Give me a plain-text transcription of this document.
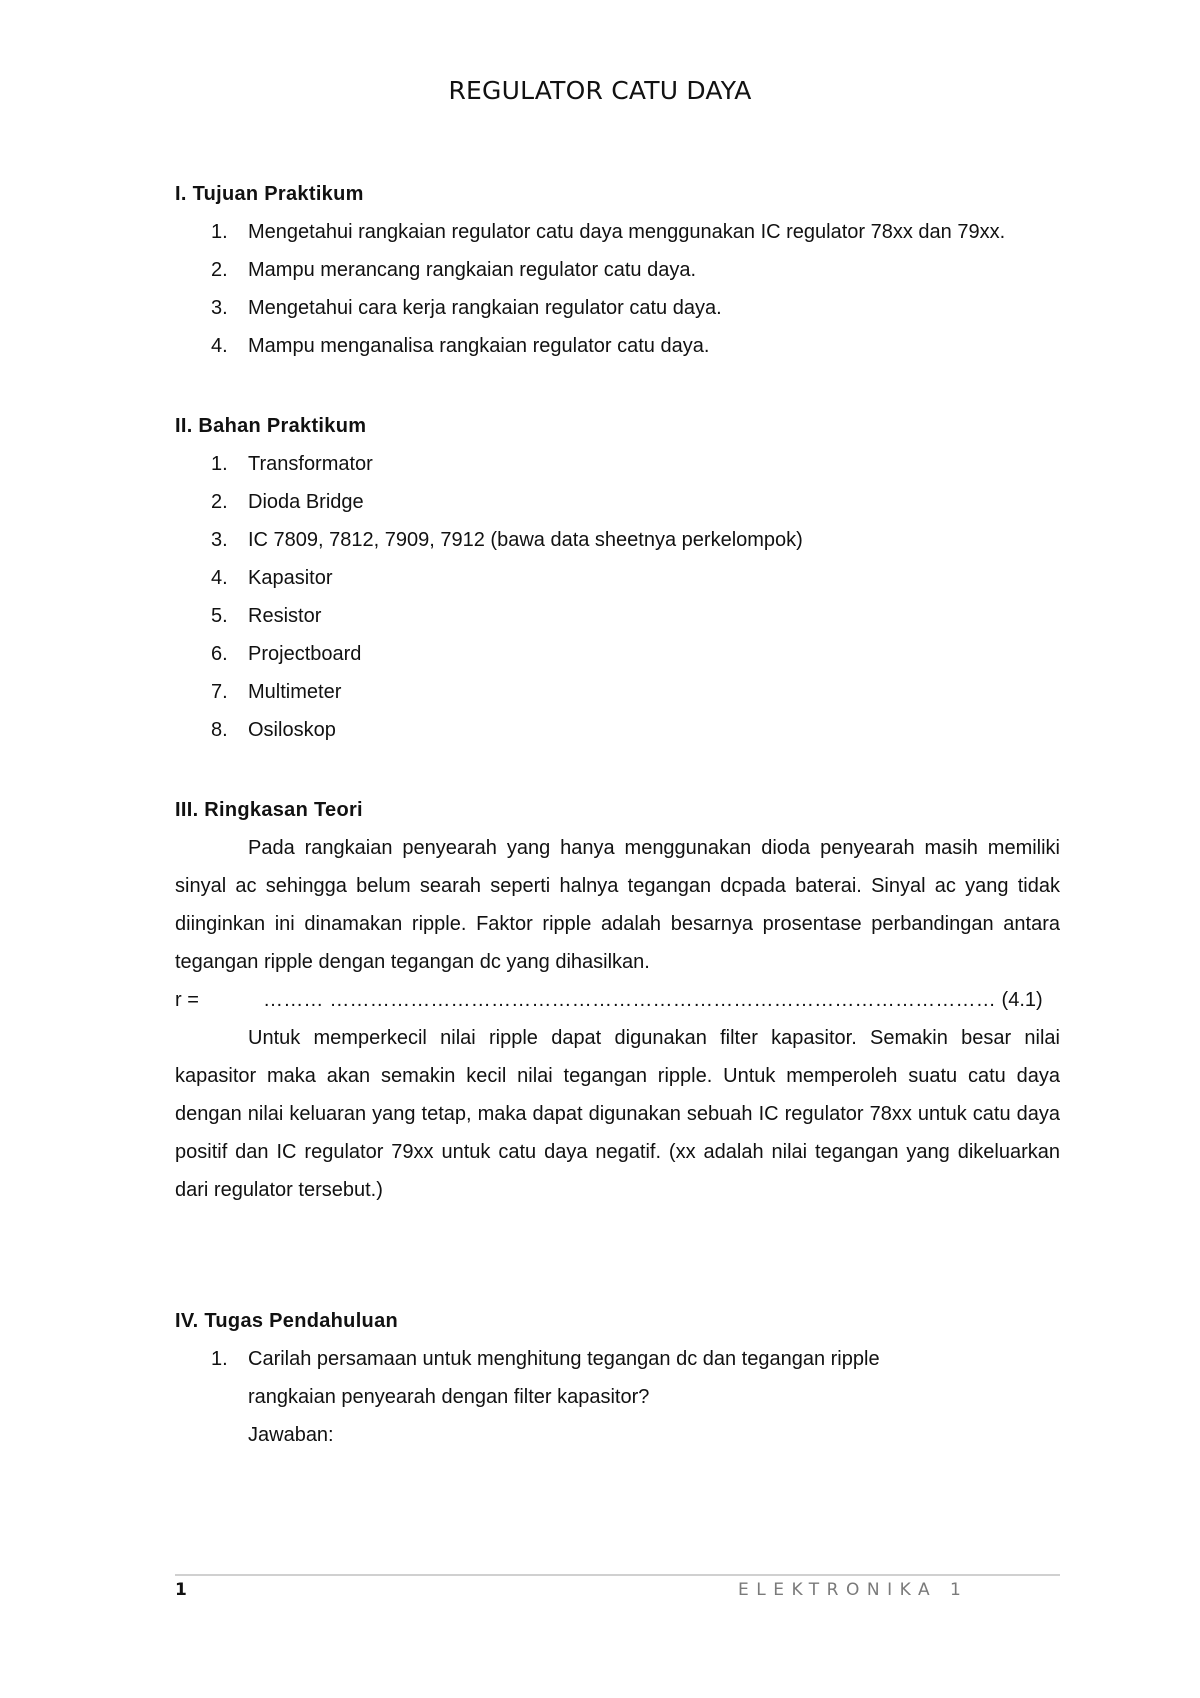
REGULATOR CATU DAYA
I. Tujuan Praktikum
1.	Mengetahui rangkaian regulator catu daya menggunakan IC regulator 78xx dan 79xx.
2.	Mampu merancang rangkaian regulator catu daya.
3.	Mengetahui cara kerja rangkaian regulator catu daya.
4.	Mampu menganalisa rangkaian regulator catu daya.
II. Bahan Praktikum
1.	Transformator
2.	Dioda Bridge
3.	IC 7809, 7812, 7909, 7912 (bawa data sheetnya perkelompok)
4.	Kapasitor
5.	Resistor
6.	Projectboard
7.	Multimeter
8.	Osiloskop
III. Ringkasan Teori

Pada rangkaian penyearah yang hanya menggunakan dioda penyearah masih memiliki sinyal ac sehingga belum searah seperti halnya tegangan dcpada baterai. Sinyal ac yang tidak diinginkan ini dinamakan ripple. Faktor ripple adalah besarnya prosentase perbandingan antara tegangan ripple dengan tegangan dc yang dihasilkan.

r =	……… ………………………………………………………………………………………
(4.1)

Untuk memperkecil nilai ripple dapat digunakan filter kapasitor. Semakin besar nilai kapasitor maka akan semakin kecil nilai tegangan ripple. Untuk memperoleh suatu catu daya dengan nilai keluaran yang tetap, maka dapat digunakan sebuah IC regulator 78xx untuk catu daya positif dan IC regulator 79xx untuk catu daya negatif. (xx adalah nilai tegangan yang dikeluarkan dari regulator tersebut.)

IV. Tugas Pendahuluan
1.	Carilah persamaan untuk menghitung tegangan dc dan tegangan ripple rangkaian penyearah dengan filter kapasitor?
Jawaban:
1	ELEKTRONIKA 1
